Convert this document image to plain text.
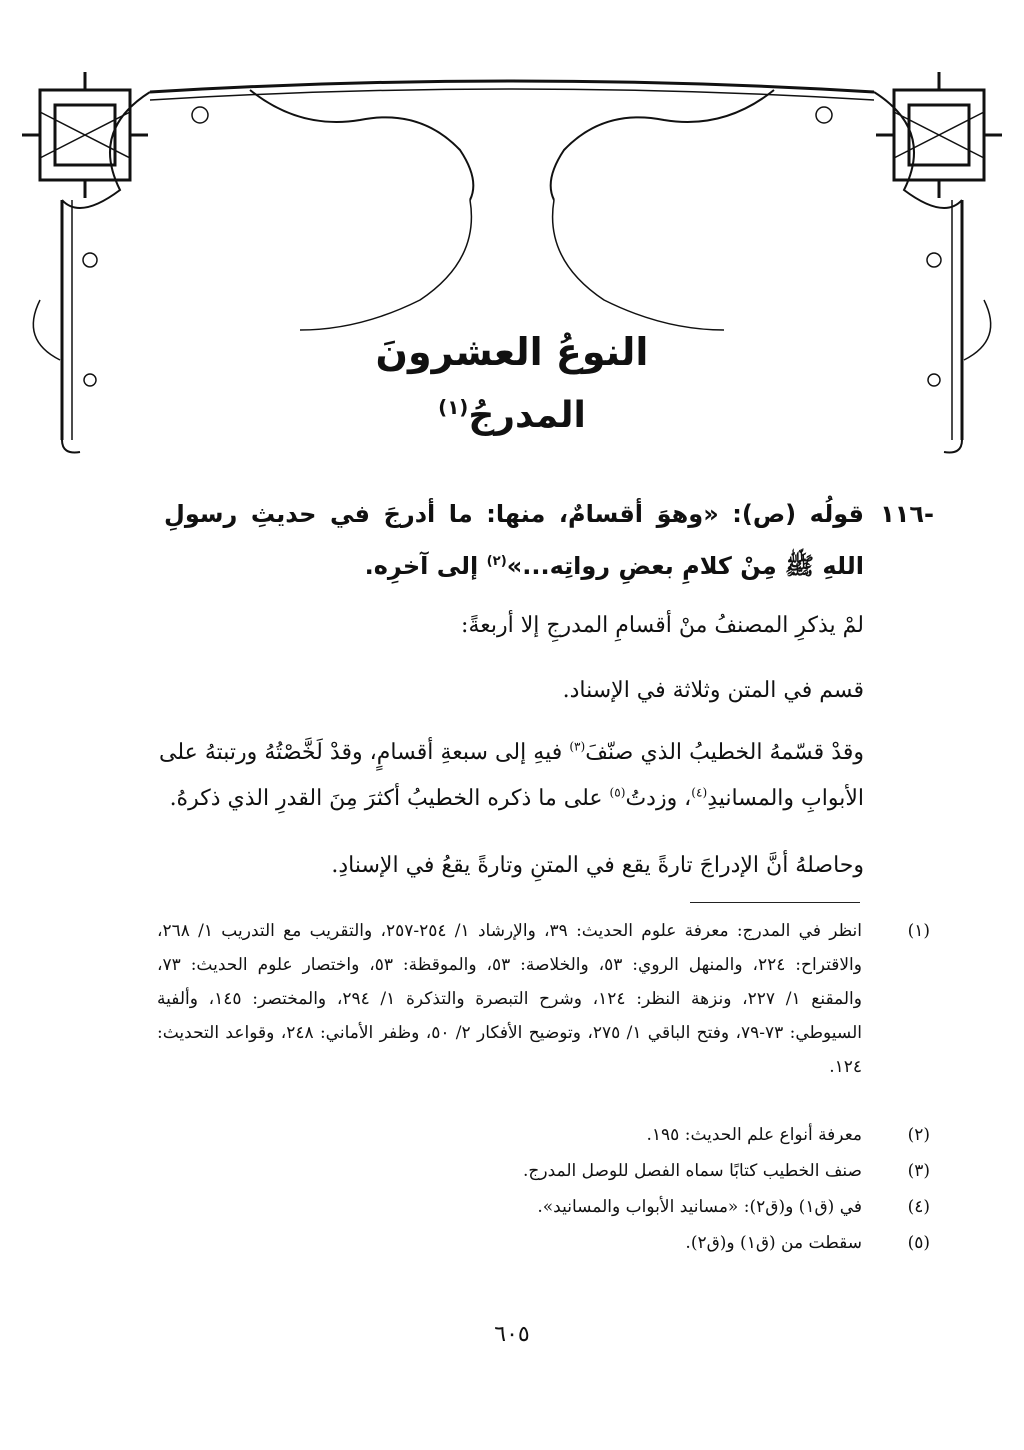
النوعُ العشرونَ
المدرجُ$^{(١)}$
-١١٦
قولُه (ص): «وهوَ أقسامٌ، منها: ما أدرجَ في حديثِ رسولِ اللهِ ﷺ مِنْ كلامِ بعضِ رواتِه...»$^{(٢)}$ إلى آخرِه.
لمْ يذكرِ المصنفُ منْ أقسامِ المدرجِ إلا أربعةً:
قسم في المتن وثلاثة في الإسناد.
وقدْ قسّمهُ الخطيبُ الذي صنّفَ$^{(٣)}$ فيهِ إلى سبعةِ أقسامٍ، وقدْ لَخَّصْتُهُ ورتبتهُ على الأبوابِ والمسانيدِ$^{(٤)}$، وزدتُ$^{(٥)}$ على ما ذكره الخطيبُ أكثرَ مِنَ القدرِ الذي ذكرهُ.
وحاصلهُ أنَّ الإدراجَ تارةً يقع في المتنِ وتارةً يقعُ في الإسنادِ.
(١)
انظر في المدرج: معرفة علوم الحديث: ٣٩، والإرشاد ١/ ٢٥٤-٢٥٧، والتقريب مع التدريب ١/ ٢٦٨، والاقتراح: ٢٢٤، والمنهل الروي: ٥٣، والخلاصة: ٥٣، والموقظة: ٥٣، واختصار علوم الحديث: ٧٣، والمقنع ١/ ٢٢٧، ونزهة النظر: ١٢٤، وشرح التبصرة والتذكرة ١/ ٢٩٤، والمختصر: ١٤٥، وألفية السيوطي: ٧٣-٧٩، وفتح الباقي ١/ ٢٧٥، وتوضيح الأفكار ٢/ ٥٠، وظفر الأماني: ٢٤٨، وقواعد التحديث: ١٢٤.
(٢)
معرفة أنواع علم الحديث: ١٩٥.
(٣)
صنف الخطيب كتابًا سماه الفصل للوصل المدرج.
(٤)
في (ق١) و(ق٢): «مسانيد الأبواب والمسانيد».
(٥)
سقطت من (ق١) و(ق٢).
٦٠٥
